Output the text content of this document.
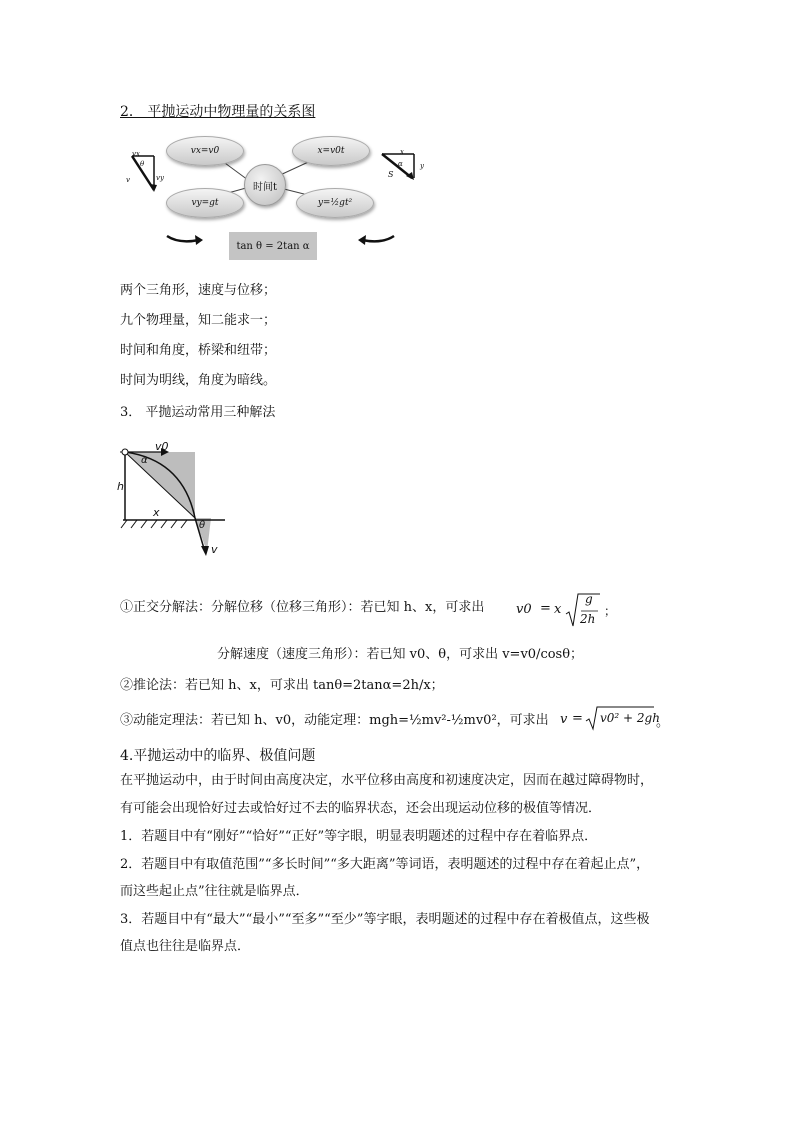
2． 平抛运动中物理量的关系图
vx
θ
vy
v
vx=v0	x=v0t
时间t
vy=gt	y=½gt²
x
α y
S
tan θ = 2tan α
两个三角形，速度与位移；
九个物理量，知二能求一；
时间和角度，桥梁和纽带；
时间为明线，角度为暗线。
3． 平抛运动常用三种解法
v0
α
h
x
θ
v
①正交分解法：分解位移（位移三角形）：若已知 h、x，可求出 v0 = x
g
2h
；
分解速度（速度三角形）：若已知 v0、θ，可求出 v=v0/cosθ；
②推论法：若已知 h、x，可求出 tanθ=2tanα=2h/x；
③动能定理法：若已知 h、v0，动能定理：mgh=½mv²-½mv0²，可求出 v = v0² + 2gh
。
4.平抛运动中的临界、极值问题
在平抛运动中，由于时间由高度决定，水平位移由高度和初速度决定，因而在越过障碍物时，
有可能会出现恰好过去或恰好过不去的临界状态，还会出现运动位移的极值等情况．
1．若题目中有“刚好”“恰好”“正好”等字眼，明显表明题述的过程中存在着临界点．
2．若题目中有取值范围”“多长时间”“多大距离”等词语，表明题述的过程中存在着起止点”，
而这些起止点”往往就是临界点．
3．若题目中有“最大”“最小”“至多”“至少”等字眼，表明题述的过程中存在着极值点，这些极
值点也往往是临界点．
